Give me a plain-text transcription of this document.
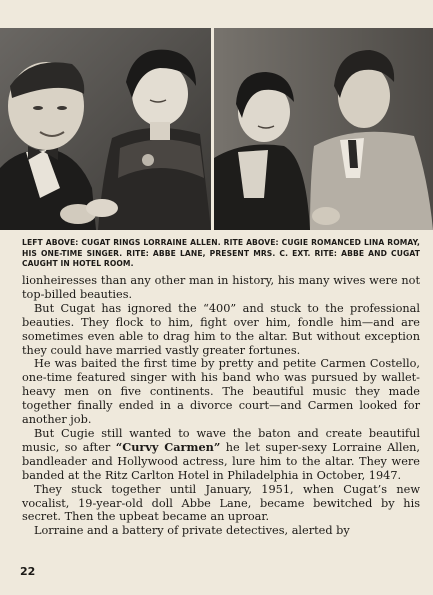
LEFT ABOVE: CUGAT RINGS LORRAINE ALLEN. RITE ABOVE: CUGIE ROMANCED LINA ROMAY, HIS ONE-TIME SINGER. RITE: ABBE LANE, PRESENT MRS. C. EXT. RITE: ABBE AND CUGAT CAUGHT IN HOTEL ROOM.

lionheiresses than any other man in history, his many wives were not top-billed beauties.

But Cugat has ignored the “400” and stuck to the professional beauties. They flock to him, fight over him, fondle him—and are sometimes even able to drag him to the altar. But without exception they could have married vastly greater fortunes.

He was baited the first time by pretty and petite Carmen Costello, one-time featured singer with his band who was pursued by wallet-heavy men on five continents. The beautiful music they made together finally ended in a divorce court—and Carmen looked for another job.

But Cugie still wanted to wave the baton and create beautiful music, so after “Curvy Carmen” he let super-sexy Lorraine Allen, bandleader and Hollywood actress, lure him to the altar. They were banded at the Ritz Carlton Hotel in Philadelphia in October, 1947.

They stuck together until January, 1951, when Cugat’s new vocalist, 19-year-old doll Abbe Lane, became bewitched by his secret. Then the upbeat became an uproar.

Lorraine and a battery of private detectives, alerted by

22
